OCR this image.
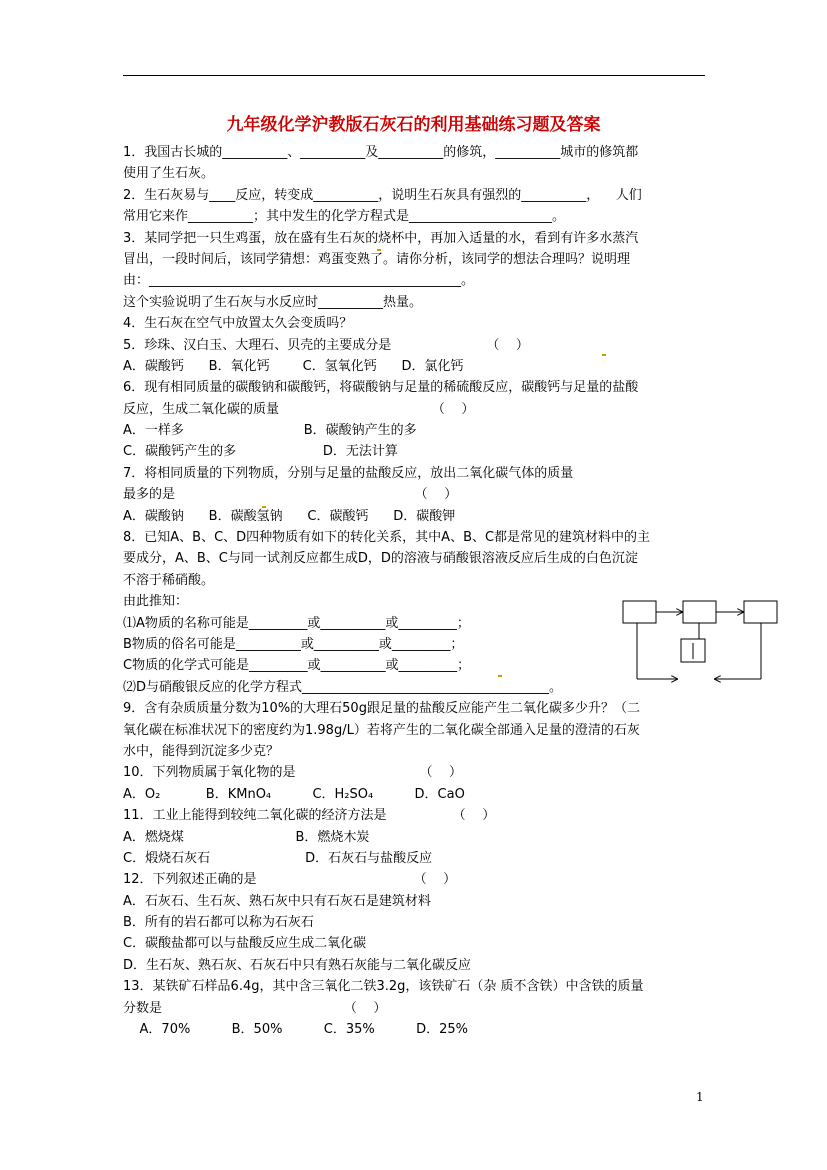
九年级化学沪教版石灰石的利用基础练习题及答案
1．我国古长城的__________、__________及__________的修筑，__________城市的修筑都
使用了生石灰。
2．生石灰易与____反应，转变成__________，说明生石灰具有强烈的__________，    人们
常用它来作__________；其中发生的化学方程式是______________________。
3．某同学把一只生鸡蛋，放在盛有生石灰的烧杯中，再加入适量的水，看到有许多水蒸汽
冒出，一段时间后，该同学猜想：鸡蛋变熟了。请你分析，该同学的想法合理吗？说明理
由：________________________________________________。
这个实验说明了生石灰与水反应时__________热量。
4．生石灰在空气中放置太久会变质吗？
5．珍珠、汉白玉、大理石、贝壳的主要成分是                       （    ）
A．碳酸钙      B．氧化钙        C．氢氧化钙      D．氯化钙
6．现有相同质量的碳酸钠和碳酸钙，将碳酸钠与足量的稀硫酸反应，碳酸钙与足量的盐酸
反应，生成二氧化碳的质量                                     （    ）
A．一样多                             B．碳酸钠产生的多
C．碳酸钙产生的多                     D．无法计算
7．将相同质量的下列物质，分别与足量的盐酸反应，放出二氧化碳气体的质量
最多的是                                                          （    ）
A．碳酸钠      B．碳酸氢钠      C．碳酸钙      D．碳酸钾
8．已知A、B、C、D四种物质有如下的转化关系，其中A、B、C都是常见的建筑材料中的主
要成分，A、B、C与同一试剂反应都生成D，D的溶液与硝酸银溶液反应后生成的白色沉淀
不溶于稀硝酸。
由此推知：
⑴A物质的名称可能是_________或__________或_________；
B物质的俗名可能是__________或__________或_________；
C物质的化学式可能是_________或__________或_________；
⑵D与硝酸银反应的化学方程式______________________________________。
9．含有杂质质量分数为10%的大理石50g跟足量的盐酸反应能产生二氧化碳多少升？（二
氧化碳在标准状况下的密度约为1.98g/L）若将产生的二氧化碳全部通入足量的澄清的石灰
水中，能得到沉淀多少克？
10．下列物质属于氧化物的是                              （    ）
A．O₂           B．KMnO₄          C．H₂SO₄          D．CaO
11．工业上能得到较纯二氧化碳的经济方法是                （    ）
A．燃烧煤                           B．燃烧木炭
C．煅烧石灰石                       D．石灰石与盐酸反应
12．下列叙述正确的是                                      （    ）
A．石灰石、生石灰、熟石灰中只有石灰石是建筑材料
B．所有的岩石都可以称为石灰石
C．碳酸盐都可以与盐酸反应生成二氧化碳
D．生石灰、熟石灰、石灰石中只有熟石灰能与二氧化碳反应
13．某铁矿石样品6.4g，其中含三氧化二铁3.2g，该铁矿石（杂 质不含铁）中含铁的质量
分数是                                            （    ）
A．70%          B．50%          C．35%          D．25%
1
